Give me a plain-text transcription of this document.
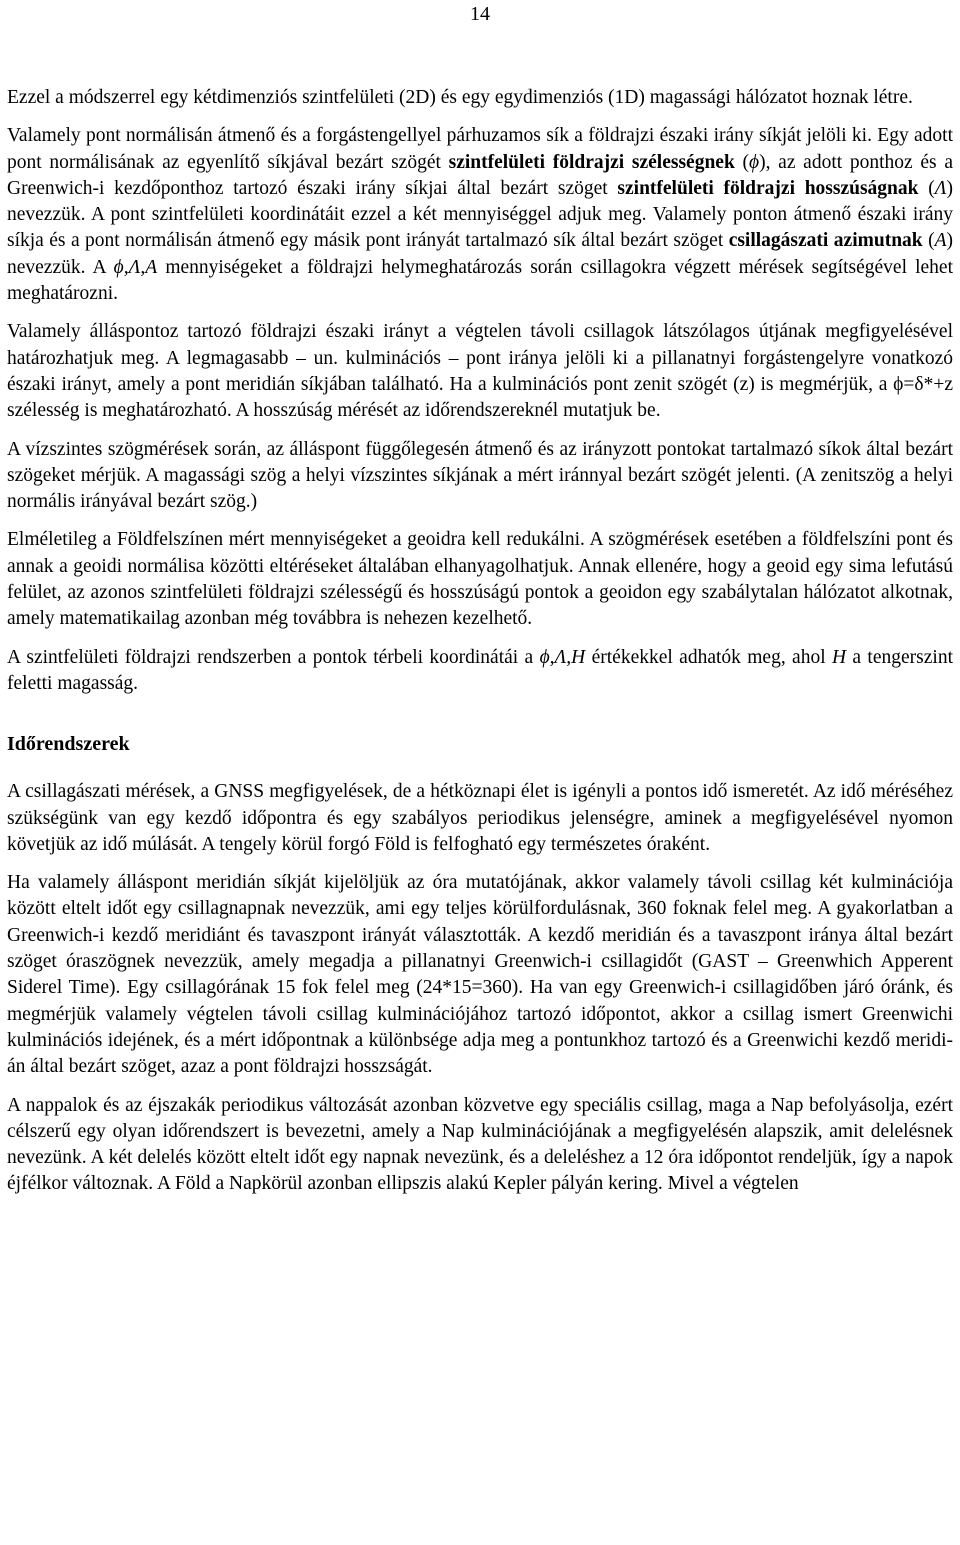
14

Ezzel a módszerrel egy kétdimenziós szintfelületi (2D) és egy egydimenziós (1D) magassági hálózatot hoznak létre.

Valamely pont normálisán átmenő és a forgástengellyel párhuzamos sík a földrajzi északi irány síkját jelöli ki. Egy adott pont normálisának az egyenlítő síkjával bezárt szögét szintfelületi földrajzi szélességnek (ϕ), az adott ponthoz és a Greenwich-i kezdőponthoz tartozó északi irány síkjai által bezárt szöget szintfelületi földrajzi hosszúságnak (Λ) nevezzük. A pont szintfelületi koordinátáit ezzel a két mennyiséggel adjuk meg. Valamely ponton átmenő északi irány síkja és a pont normálisán átmenő egy másik pont irányát tartalmazó sík által bezárt szöget csillagászati azimutnak (A) nevezzük. A ϕ,Λ,A mennyiségeket a földrajzi helymeghatározás során csillagokra végzett mérések segítségével lehet meghatározni.

Valamely álláspontoz tartozó földrajzi északi irányt a végtelen távoli csillagok látszólagos útjának megfigyelésével határozhatjuk meg. A legmagasabb – un. kulminációs – pont iránya jelöli ki a pillanatnyi forgástengelyre vonatkozó északi irányt, amely a pont meridián síkjában található. Ha a kulminációs pont zenit szögét (z) is megmérjük, a ϕ=δ*+z szélesség is meghatározható. A hosszúság mérését az időrendszereknél mutatjuk be.

A vízszintes szögmérések során, az álláspont függőlegesén átmenő és az irányzott pontokat tartalmazó síkok által bezárt szögeket mérjük. A magassági szög a helyi vízszintes síkjának a mért iránnyal bezárt szögét jelenti. (A zenitszög a helyi normális irányával bezárt szög.)

Elméletileg a Földfelszínen mért mennyiségeket a geoidra kell redukálni. A szögmérések esetében a földfelszíni pont és annak a geoidi normálisa közötti eltéréseket általában elhanyagolhatjuk. Annak ellenére, hogy a geoid egy sima lefutású felület, az azonos szintfelületi földrajzi szélességű és hosszúságú pontok a geoidon egy szabálytalan hálózatot alkotnak, amely matematikailag azonban még továbbra is nehezen kezelhető.

A szintfelületi földrajzi rendszerben a pontok térbeli koordinátái a ϕ,Λ,H értékekkel adhatók meg, ahol H a tengerszint feletti magasság.

Időrendszerek

A csillagászati mérések, a GNSS megfigyelések, de a hétköznapi élet is igényli a pontos idő ismeretét. Az idő méréséhez szükségünk van egy kezdő időpontra és egy szabályos periodikus jelenségre, aminek a megfigyelésével nyomon követjük az idő múlását. A tengely körül forgó Föld is felfogható egy természetes óraként.

Ha valamely álláspont meridián síkját kijelöljük az óra mutatójának, akkor valamely távoli csillag két kulminációja között eltelt időt egy csillagnapnak nevezzük, ami egy teljes körülfordulásnak, 360 foknak felel meg. A gyakorlatban a Greenwich-i kezdő meridiánt és tavaszpont irányát választották. A kezdő meridián és a tavaszpont iránya által bezárt szöget óraszögnek nevezzük, amely megadja a pillanatnyi Greenwich-i csillagidőt (GAST – Greenwhich Apperent Siderel Time). Egy csillagórának 15 fok felel meg (24*15=360). Ha van egy Greenwich-i csillagidőben járó óránk, és megmérjük valamely végtelen távoli csillag kulminációjához tartozó időpontot, akkor a csillag ismert Greenwichi kulminációs idejének, és a mért időpontnak a különbsége adja meg a pontunkhoz tartozó és a Greenwichi kezdő meridián által bezárt szöget, azaz a pont földrajzi hosszságát.

A nappalok és az éjszakák periodikus változását azonban közvetve egy speciális csillag, maga a Nap befolyásolja, ezért célszerű egy olyan időrendszert is bevezetni, amely a Nap kulminációjának a megfigyelésén alapszik, amit delelésnek nevezünk. A két delelés között eltelt időt egy napnak nevezünk, és a deleléshez a 12 óra időpontot rendeljük, így a napok éjfélkor változnak. A Föld a Napkörül azonban ellipszis alakú Kepler pályán kering. Mivel a végtelen
